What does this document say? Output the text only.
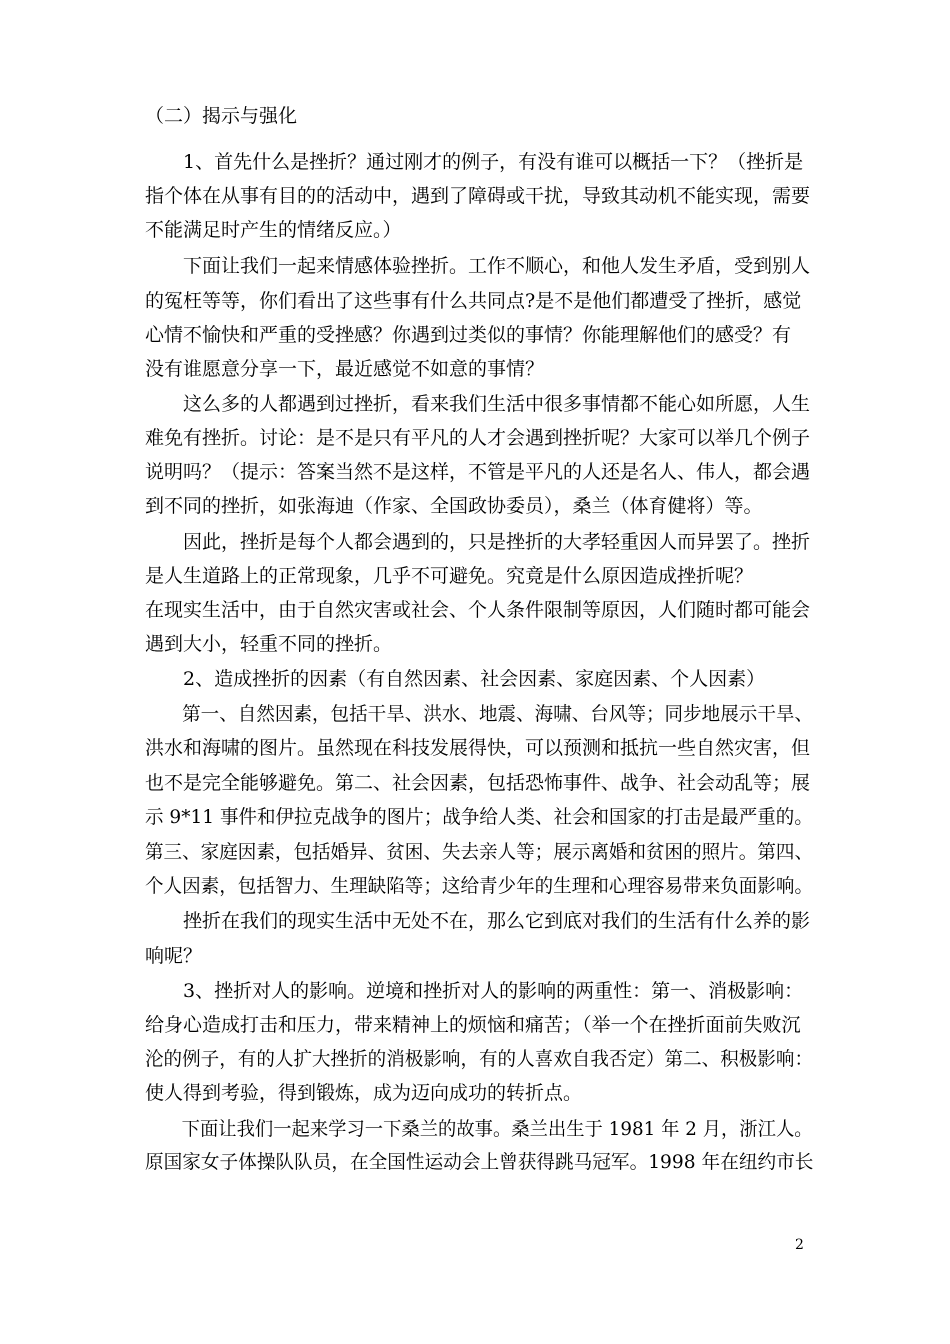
（二）揭示与强化
　　1、首先什么是挫折？通过刚才的例子，有没有谁可以概括一下？（挫折是
指个体在从事有目的的活动中，遇到了障碍或干扰，导致其动机不能实现，需要
不能满足时产生的情绪反应。）
　　下面让我们一起来情感体验挫折。工作不顺心，和他人发生矛盾，受到别人
的冤枉等等，你们看出了这些事有什么共同点?是不是他们都遭受了挫折，感觉
心情不愉快和严重的受挫感？你遇到过类似的事情？你能理解他们的感受？有
没有谁愿意分享一下，最近感觉不如意的事情？
　　这么多的人都遇到过挫折，看来我们生活中很多事情都不能心如所愿，人生
难免有挫折。讨论：是不是只有平凡的人才会遇到挫折呢？大家可以举几个例子
说明吗？（提示：答案当然不是这样，不管是平凡的人还是名人、伟人，都会遇
到不同的挫折，如张海迪（作家、全国政协委员），桑兰（体育健将）等。
　　因此，挫折是每个人都会遇到的，只是挫折的大孝轻重因人而异罢了。挫折
是人生道路上的正常现象，几乎不可避免。究竟是什么原因造成挫折呢？
在现实生活中，由于自然灾害或社会、个人条件限制等原因，人们随时都可能会
遇到大小，轻重不同的挫折。
　　2、造成挫折的因素（有自然因素、社会因素、家庭因素、个人因素）
　　第一、自然因素，包括干旱、洪水、地震、海啸、台风等；同步地展示干旱、
洪水和海啸的图片。虽然现在科技发展得快，可以预测和抵抗一些自然灾害，但
也不是完全能够避免。第二、社会因素，包括恐怖事件、战争、社会动乱等；展
示 9*11 事件和伊拉克战争的图片；战争给人类、社会和国家的打击是最严重的。
第三、家庭因素，包括婚异、贫困、失去亲人等；展示离婚和贫困的照片。第四、
个人因素，包括智力、生理缺陷等；这给青少年的生理和心理容易带来负面影响。
　　挫折在我们的现实生活中无处不在，那么它到底对我们的生活有什么养的影
响呢？
　　3、挫折对人的影响。逆境和挫折对人的影响的两重性：第一、消极影响：
给身心造成打击和压力，带来精神上的烦恼和痛苦；（举一个在挫折面前失败沉
沦的例子，有的人扩大挫折的消极影响，有的人喜欢自我否定）第二、积极影响：
使人得到考验，得到锻炼，成为迈向成功的转折点。
　　下面让我们一起来学习一下桑兰的故事。桑兰出生于 1981 年 2 月，浙江人。
原国家女子体操队队员，在全国性运动会上曾获得跳马冠军。1998 年在纽约市长
2
